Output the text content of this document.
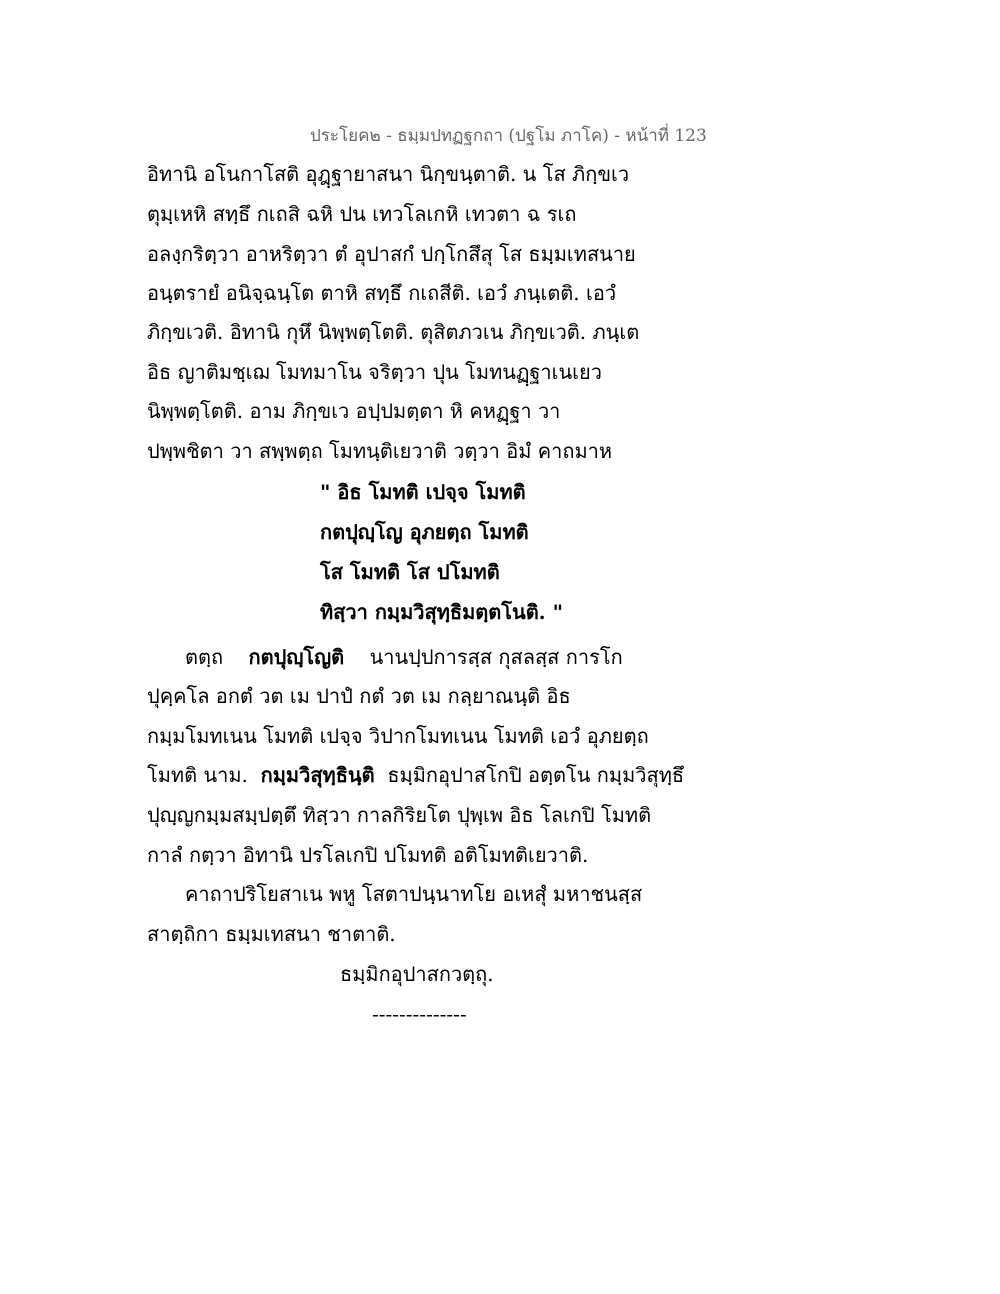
ประโยค๒ - ธมฺมปทฏฐกถา (ปฐโม ภาโค) - หน้าที่ 123
อิทานิ อโนกาโสติ อุฎฺฐายาสนา นิกฺขนฺตาติ. น โส ภิกฺขเว
ตุมฺเหหิ สทฺธึ กเถสิ ฉหิ ปน เทวโลเกหิ เทวตา ฉ รเถ
อลงฺกริตฺวา อาหริตฺวา ตํ อุปาสกํ ปกฺโกสึสุ โส ธมฺมเทสนาย
อนฺตรายํ อนิจฺฉนฺโต ตาหิ สทฺธึ กเถสีติ. เอวํ ภนฺเตติ. เอวํ
ภิกฺขเวติ. อิทานิ กุหึ นิพฺพตฺโตติ. ตุสิตภวเน ภิกฺขเวติ. ภนฺเต
อิธ ญาติมชฺเฌ โมทมาโน จริตฺวา ปุน โมทนฏฺฐาเนเยว
นิพฺพตฺโตติ. อาม ภิกฺขเว อปฺปมตฺตา หิ คหฏฺฐา วา
ปพฺพชิตา วา สพฺพตฺถ โมทนฺติเยวาติ วตฺวา อิมํ คาถมาห
" อิธ โมทติ เปจฺจ โมทติ
กตปุญฺโญ อุภยตฺถ โมทติ
โส โมทติ โส ปโมทติ
ทิสฺวา กมฺมวิสุทฺธิมตฺตโนติ. "
ตตฺถ กตปุญฺโญติ นานปฺปการสฺส กุสลสฺส การโก
ปุคฺคโล อกตํ วต เม ปาปํ กตํ วต เม กลฺยาณนฺติ อิธ
กมฺมโมทเนน โมทติ เปจฺจ วิปากโมทเนน โมทติ เอวํ อุภยตฺถ
โมทติ นาม. กมฺมวิสุทฺธินฺติ ธมฺมิกอุปาสโกปิ อตฺตโน กมฺมวิสุทฺธึ
ปุญฺญกมฺมสมฺปตฺตึ ทิสฺวา กาลกิริยโต ปุพฺเพ อิธ โลเกปิ โมทติ
กาลํ กตฺวา อิทานิ ปรโลเกปิ ปโมทติ อติโมทติเยวาติ.
คาถาปริโยสาเน พหู โสตาปนฺนาทโย อเหสุํ มหาชนสฺส
สาตฺถิกา ธมฺมเทสนา ชาตาติ.
ธมฺมิกอุปาสกวตฺถุ.
--------------
